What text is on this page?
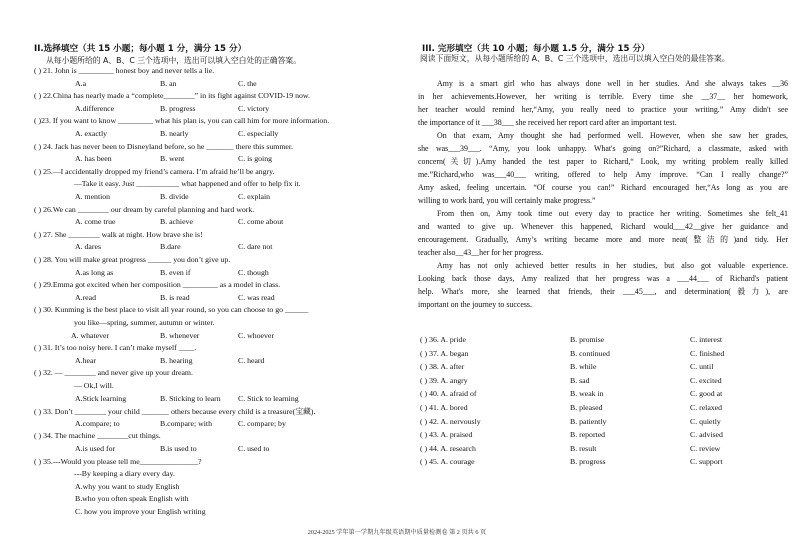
II.选择填空（共 15 小题；每小题 1 分，满分 15 分）
从每小题所给的 A、B、C 三个选项中，选出可以填入空白处的正确答案。
( ) 21. John is _________ honest boy and never tells a lie.
A.a	B. an	C. the
( ) 22.China has nearly made a “complete________” in its fight against COVID-19 now.
A.difference	B. progress	C. victory
( )23. If you want to know _________ what his plan is, you can call him for more information.
A. exactly	B. nearly	C. especially
( ) 24. Jack has never been to Disneyland before, so he _______ there this summer.
A. has been	B. went	C. is going
( ) 25.—I accidentally dropped my friend’s camera. I’m afraid he’ll be angry.
—Take it easy. Just ___________ what happened and offer to help fix it.
A. mention	B. divide	C. explain
( ) 26.We can ________ our dream by careful planning and hard work.
A. come true	B. achieve	C. come about
( ) 27. She ________ walk at night. How brave she is!
A. dares	B.dare	C. dare not
( ) 28. You will make great progress ______ you don’t give up.
A.as long as	B. even if	C. though
( ) 29.Emma got excited when her composition _________ as a model in class.
A.read	B. is read	C. was read
( ) 30. Kunming is the best place to visit all year round, so you can choose to go ______
you like—spring, summer, autumn or winter.
A. whatever	B. whenever	C. whoever
( ) 31. It’s too noisy here. I can’t make myself ____.
A.hear	B. hearing	C. heard
( ) 32. — ________ and never give up your dream.
— Ok,I will.
A.Stick learning	B. Sticking to learn C. Stick to learning
( ) 33. Don’t ________ your child _______ others because every child is a treasure(宝藏)．
A.compare; to	B.compare; with	C. compare; by
( ) 34. The machine ________cut things.
A.is used for	B.is used to	C. used to
( ) 35.---Would you please tell me_______________?
---By keeping a diary every day.
A.why you want to study English
B.who you often speak English with
C. how you improve your English writing
III. 完形填空（共 10 小题；每小题 1.5 分，满分 15 分）
阅读下面短文，从每小题所给的 A、B、C 三个选项中，选出可以填入空白处的最佳答案。
Amy is a smart girl who has always done well in her studies. And she always takes __36
in her achievements.However, her writing is terrible. Every time she __37__ her homework,
her teacher would remind her,“Amy, you really need to practice your writing.” Amy didn't see
the importance of it ___38___ she received her report card after an important test.
On that exam, Amy thought she had performed well. However, when she saw her grades,
she was___39___. “Amy, you look unhappy. What's going on?”Richard, a classmate, asked with
concern(关切).Amy handed the test paper to Richard,“ Look, my writing problem really killed
me.”Richard,who was___40___ writing, offered to help Amy improve. “Can I really change?”
Amy asked, feeling uncertain. “Of course you can!” Richard encouraged her,“As long as you are
willing to work hard, you will certainly make progress.”
From then on, Amy took time out every day to practice her writing. Sometimes she felt_41
and wanted to give up. Whenever this happened, Richard would___42__give her guidance and
encouragement. Gradually, Amy’s writing became more and more neat(整洁的)and tidy. Her
teacher also__43__her for her progress.
Amy has not only achieved better results in her studies, but also got valuable experience.
Looking back those days, Amy realized that her progress was a ___44___ of Richard's patient
help. What's more, she learned that friends, their ___45___, and determination(毅力), are
important on the journey to success.
( ) 36. A. pride	B. promise	C. interest
( ) 37. A. began	B. continued	C. finished
( ) 38. A. after	B. while	C. until
( ) 39. A. angry	B. sad	C. excited
( ) 40. A. afraid of	B. weak in	C. good at
( ) 41. A. bored	B. pleased	C. relaxed
( ) 42. A. nervously	B. patiently	C. quietly
( ) 43. A. praised	B. reported	C. advised
( ) 44. A. research	B. result	C. review
( ) 45. A. courage	B. progress	C. support
2024-2025 学年第一学期九年级英语期中质量检测卷 第 2 页共 6 页
